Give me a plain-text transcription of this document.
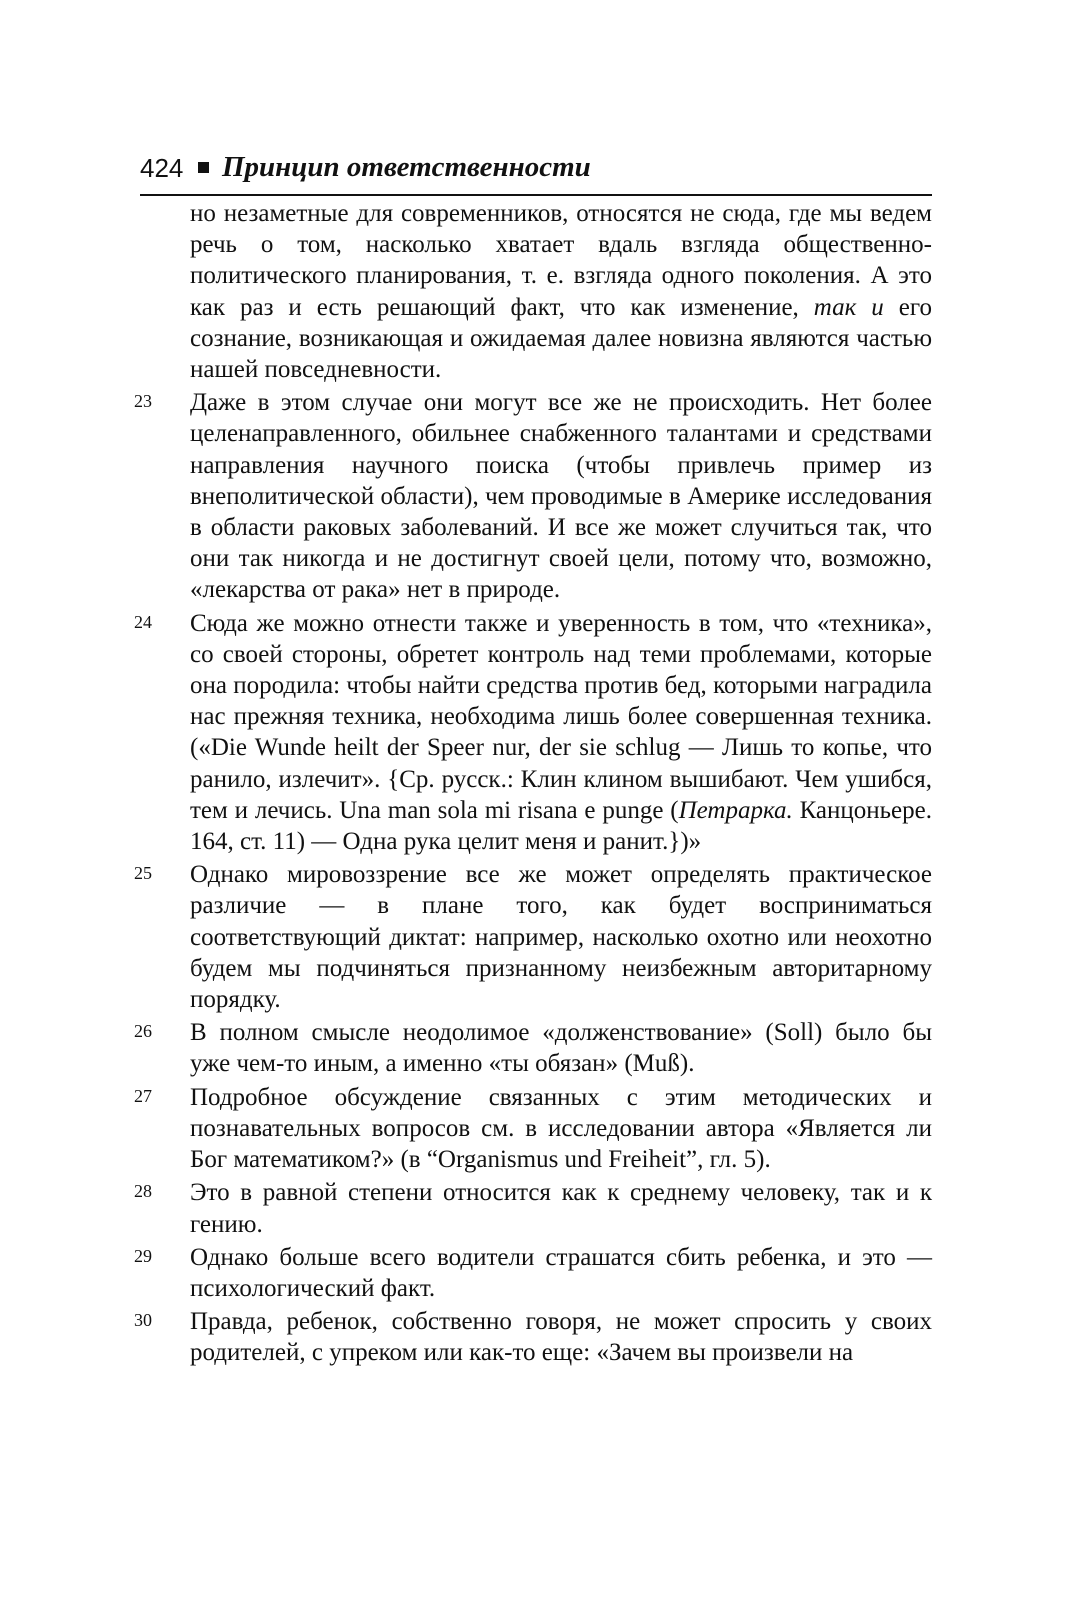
424 Принцип ответственности
но незаметные для современников, относятся не сюда, где мы ведем речь о том, насколько хватает вдаль взгляда общественно-политического планирования, т. е. взгляда одного поколения. А это как раз и есть решающий факт, что как изменение, так и его сознание, возникающая и ожидаемая далее новизна являются частью нашей повседневности.
23	Даже в этом случае они могут все же не происходить. Нет более целенаправленного, обильнее снабженного талантами и средствами направления научного поиска (чтобы привлечь пример из внеполитической области), чем проводимые в Америке исследования в области раковых заболеваний. И все же может случиться так, что они так никогда и не достигнут своей цели, потому что, возможно, «лекарства от рака» нет в природе.
24	Сюда же можно отнести также и уверенность в том, что «техника», со своей стороны, обретет контроль над теми проблемами, которые она породила: чтобы найти средства против бед, которыми наградила нас прежняя техника, необходима лишь более совершенная техника. («Die Wunde heilt der Speer nur, der sie schlug — Лишь то копье, что ранило, излечит». {Ср. русск.: Клин клином вышибают. Чем ушибся, тем и лечись. Una man sola mi risana e punge (Петрарка. Канцоньере. 164, ст. 11) — Одна рука целит меня и ранит.})»
25	Однако мировоззрение все же может определять практическое различие — в плане того, как будет восприниматься соответствующий диктат: например, насколько охотно или неохотно будем мы подчиняться признанному неизбежным авторитарному порядку.
26	В полном смысле неодолимое «долженствование» (Soll) было бы уже чем-то иным, а именно «ты обязан» (Muß).
27	Подробное обсуждение связанных с этим методических и познавательных вопросов см. в исследовании автора «Является ли Бог математиком?» (в “Organismus und Freiheit”, гл. 5).
28	Это в равной степени относится как к среднему человеку, так и к гению.
29	Однако больше всего водители страшатся сбить ребенка, и это — психологический факт.
30	Правда, ребенок, собственно говоря, не может спросить у своих родителей, с упреком или как-то еще: «Зачем вы произвели на
